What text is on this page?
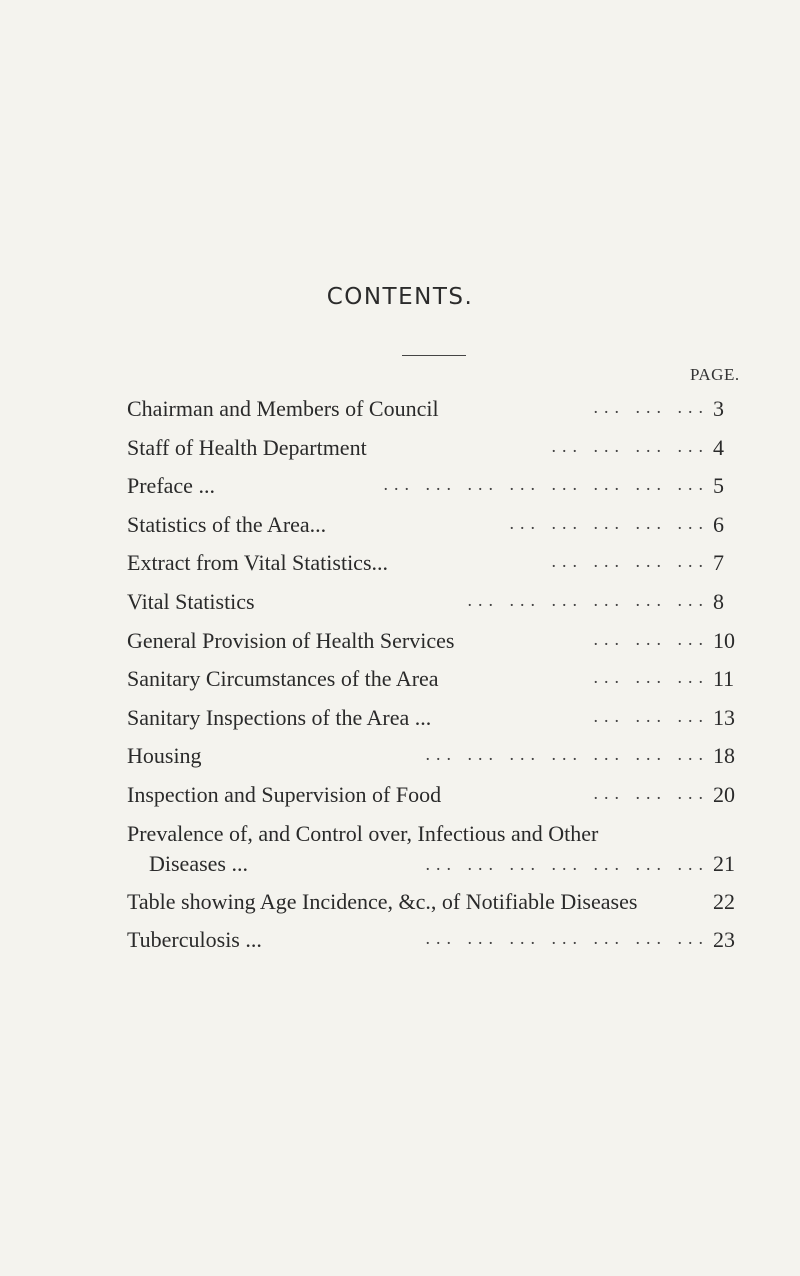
CONTENTS.
PAGE.
Chairman and Members of Council	... ... ... 3
Staff of Health Department	... ... ... ... 4
Preface ...	... ... ... ... ... ... ... ... 5
Statistics of the Area...	... ... ... ... ... 6
Extract from Vital Statistics...	... ... ... ... 7
Vital Statistics	... ... ... ... ... ... 8
General Provision of Health Services	... ... ... 10
Sanitary Circumstances of the Area	... ... ... 11
Sanitary Inspections of the Area ...	... ... ... 13
Housing	... ... ... ... ... ... ... 18
Inspection and Supervision of Food	... ... ... 20
Prevalence of, and Control over, Infectious and Other
Diseases ...	... ... ... ... ... ... ... 21
Table showing Age Incidence, &c., of Notifiable Diseases	22
Tuberculosis ...	... ... ... ... ... ... ... 23
